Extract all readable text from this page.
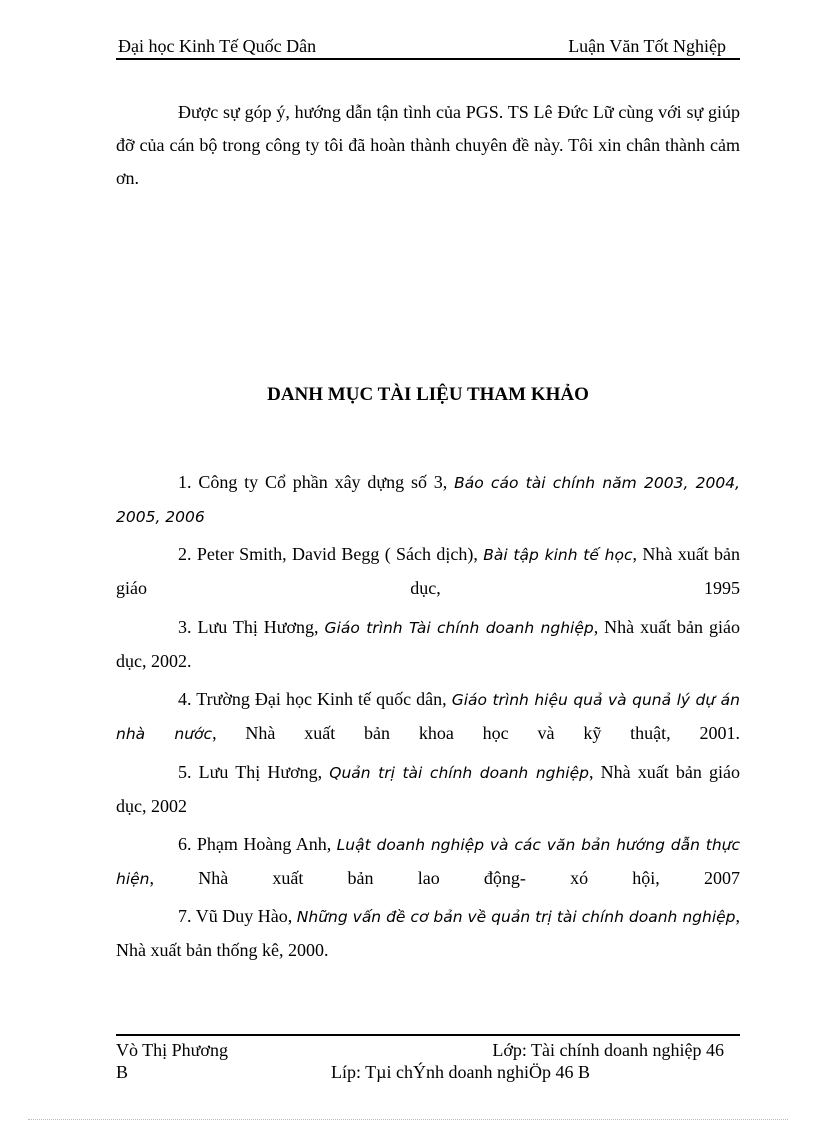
Đại học Kinh Tế Quốc Dân	Luận Văn Tốt Nghiệp

Được sự góp ý, hướng dẫn tận tình của PGS. TS Lê Đức Lữ cùng với sự giúp đỡ của cán bộ trong công ty tôi đã hoàn thành chuyên đề này. Tôi xin chân thành cảm ơn.

DANH MỤC TÀI LIỆU THAM KHẢO

1. Công ty Cổ phần xây dựng số 3, Báo cáo tài chính năm 2003, 2004, 2005, 2006

2. Peter Smith, David Begg ( Sách dịch), Bài tập kinh tế học, Nhà xuất bản giáo dục, 1995

3. Lưu Thị Hương, Giáo trình Tài chính doanh nghiệp, Nhà xuất bản giáo dục, 2002.

4. Trường Đại học Kinh tế quốc dân, Giáo trình hiệu quả và qunả lý dự án nhà nước, Nhà xuất bản khoa học và kỹ thuật, 2001.

5. Lưu Thị Hương, Quản trị tài chính doanh nghiệp, Nhà xuất bản giáo dục, 2002

6. Phạm Hoàng Anh, Luật doanh nghiệp và các văn bản hướng dẫn thực hiện, Nhà xuất bản lao động- xó hội, 2007

7. Vũ Duy Hào, Những vấn đề cơ bản về quản trị tài chính doanh nghiệp, Nhà xuất bản thống kê, 2000.

Vò Thị Phương	Lớp: Tài chính doanh nghiệp 46
B	Líp: Tµi chÝnh doanh nghiÖp 46 B
